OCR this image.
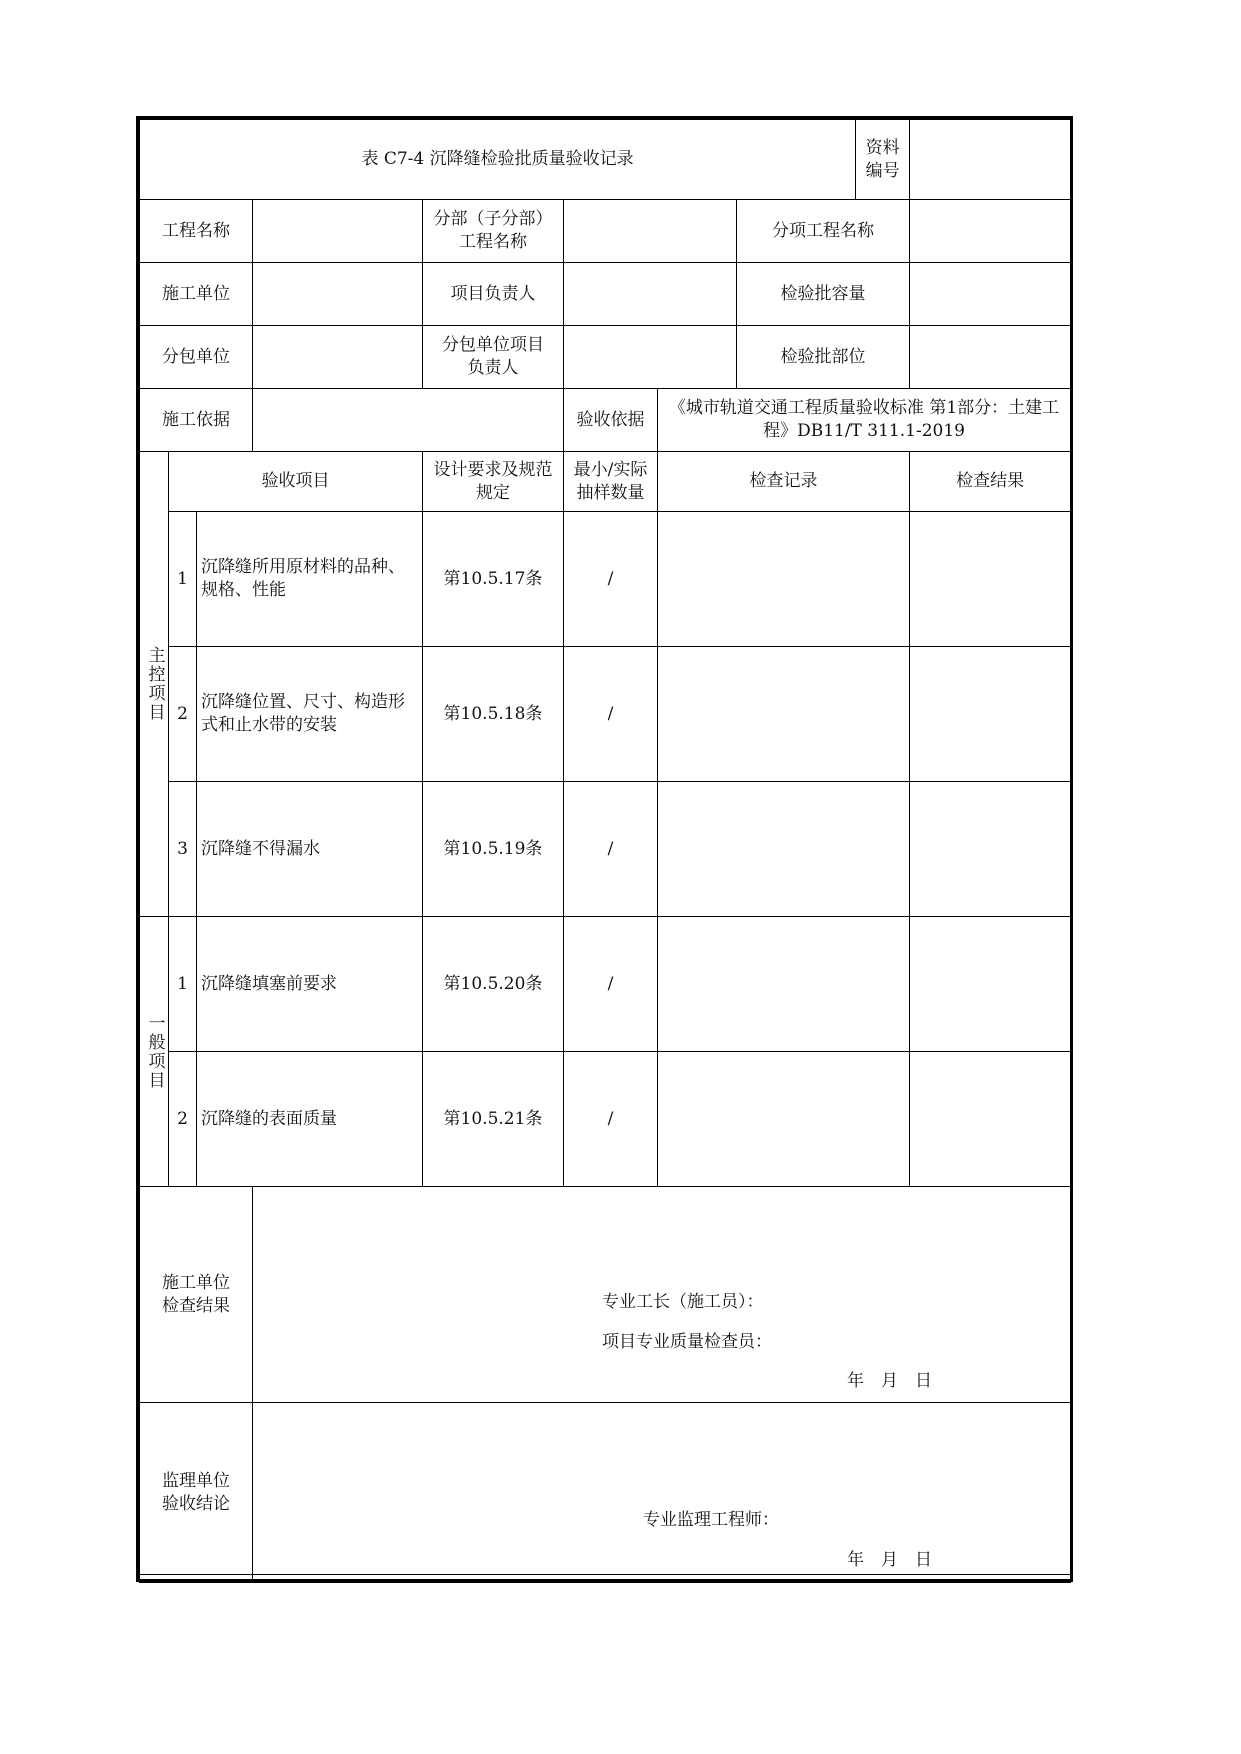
表 C7-4 沉降缝检验批质量验收记录								资料编号	
工程名称				分部（子分部）工程名称			分项工程名称		
施工单位				项目负责人			检验批容量		
分包单位				分包单位项目负责人			检验批部位		
施工依据					验收依据	《城市轨道交通工程质量验收标准 第1部分：土建工程》DB11/T 311.1-2019			
主控项目	验收项目			设计要求及规范规定	最小/实际抽样数量	检查记录			检查结果
	1	沉降缝所用原材料的品种、规格、性能		第10.5.17条	/				
	2	沉降缝位置、尺寸、构造形式和止水带的安装		第10.5.18条	/				
	3	沉降缝不得漏水		第10.5.19条	/				
一般项目	1	沉降缝填塞前要求		第10.5.20条	/				
	2	沉降缝的表面质量		第10.5.21条	/				
施工单位检查结果			专业工长（施工员）：
项目专业质量检查员：
年　月　日						

监理单位验收结论			专业监理工程师：
年　月　日						
